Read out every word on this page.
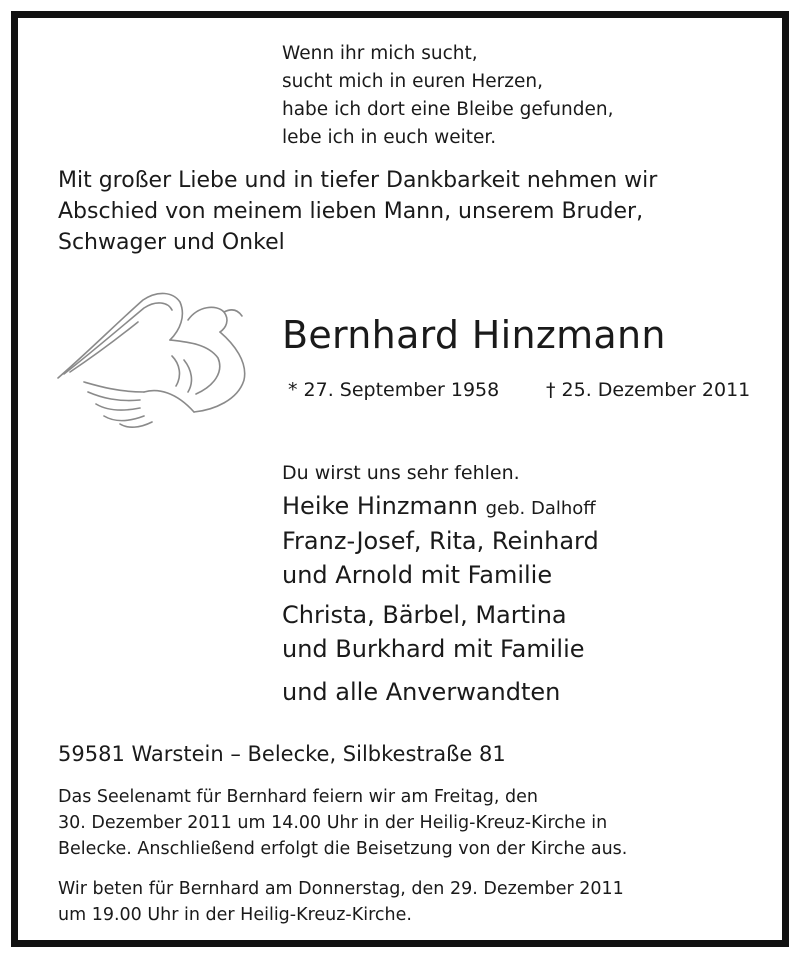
Wenn ihr mich sucht,
sucht mich in euren Herzen,
habe ich dort eine Bleibe gefunden,
lebe ich in euch weiter.
Mit großer Liebe und in tiefer Dankbarkeit nehmen wir
Abschied von meinem lieben Mann, unserem Bruder,
Schwager und Onkel
Bernhard Hinzmann
* 27. September 1958 † 25. Dezember 2011
Du wirst uns sehr fehlen.
Heike Hinzmann geb. Dalhoff
Franz-Josef, Rita, Reinhard
und Arnold mit Familie
Christa, Bärbel, Martina
und Burkhard mit Familie
und alle Anverwandten
59581 Warstein – Belecke, Silbkestraße 81
Das Seelenamt für Bernhard feiern wir am Freitag, den
30. Dezember 2011 um 14.00 Uhr in der Heilig-Kreuz-Kirche in
Belecke. Anschließend erfolgt die Beisetzung von der Kirche aus.
Wir beten für Bernhard am Donnerstag, den 29. Dezember 2011
um 19.00 Uhr in der Heilig-Kreuz-Kirche.
